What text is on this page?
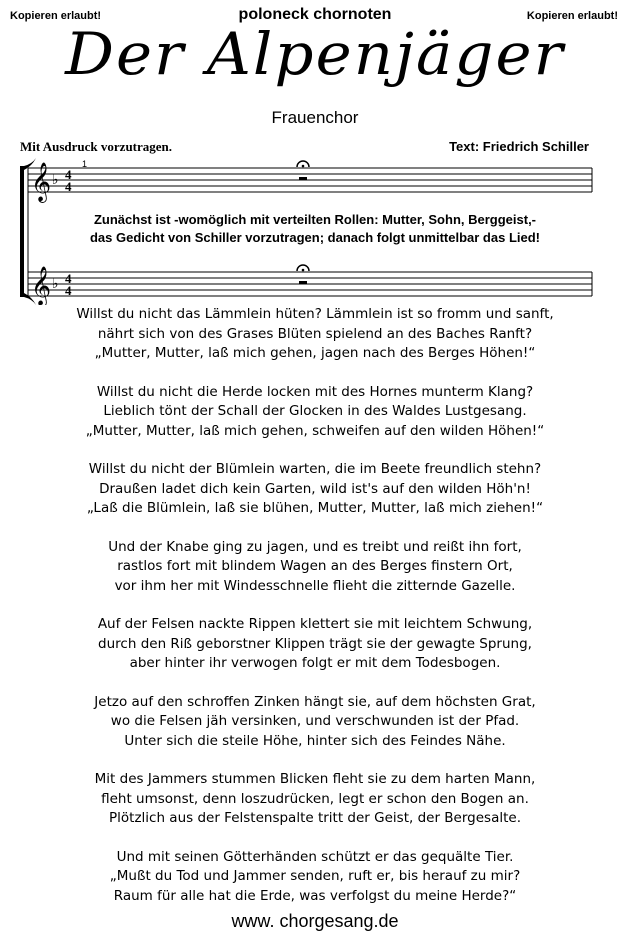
Kopieren erlaubt!	Kopieren erlaubt!
poloneck chornoten
Der Alpenjäger
Frauenchor
Mit Ausdruck vorzutragen.	Text: Friedrich Schiller
𝄞 ♭ 4
4
1
𝄞 ♭ 4
4
Zunächst ist -womöglich mit verteilten Rollen: Mutter, Sohn, Berggeist,-
das Gedicht von Schiller vorzutragen; danach folgt unmittelbar das Lied!
Willst du nicht das Lämmlein hüten? Lämmlein ist so fromm und sanft,
nährt sich von des Grases Blüten spielend an des Baches Ranft?
„Mutter, Mutter, laß mich gehen, jagen nach des Berges Höhen!“
Willst du nicht die Herde locken mit des Hornes munterm Klang?
Lieblich tönt der Schall der Glocken in des Waldes Lustgesang.
„Mutter, Mutter, laß mich gehen, schweifen auf den wilden Höhen!“
Willst du nicht der Blümlein warten, die im Beete freundlich stehn?
Draußen ladet dich kein Garten, wild ist's auf den wilden Höh'n!
„Laß die Blümlein, laß sie blühen, Mutter, Mutter, laß mich ziehen!“
Und der Knabe ging zu jagen, und es treibt und reißt ihn fort,
rastlos fort mit blindem Wagen an des Berges finstern Ort,
vor ihm her mit Windesschnelle flieht die zitternde Gazelle.
Auf der Felsen nackte Rippen klettert sie mit leichtem Schwung,
durch den Riß geborstner Klippen trägt sie der gewagte Sprung,
aber hinter ihr verwogen folgt er mit dem Todesbogen.
Jetzo auf den schroffen Zinken hängt sie, auf dem höchsten Grat,
wo die Felsen jäh versinken, und verschwunden ist der Pfad.
Unter sich die steile Höhe, hinter sich des Feindes Nähe.
Mit des Jammers stummen Blicken fleht sie zu dem harten Mann,
fleht umsonst, denn loszudrücken, legt er schon den Bogen an.
Plötzlich aus der Felstenspalte tritt der Geist, der Bergesalte.
Und mit seinen Götterhänden schützt er das gequälte Tier.
„Mußt du Tod und Jammer senden, ruft er, bis herauf zu mir?
Raum für alle hat die Erde, was verfolgst du meine Herde?“
www. chorgesang.de
